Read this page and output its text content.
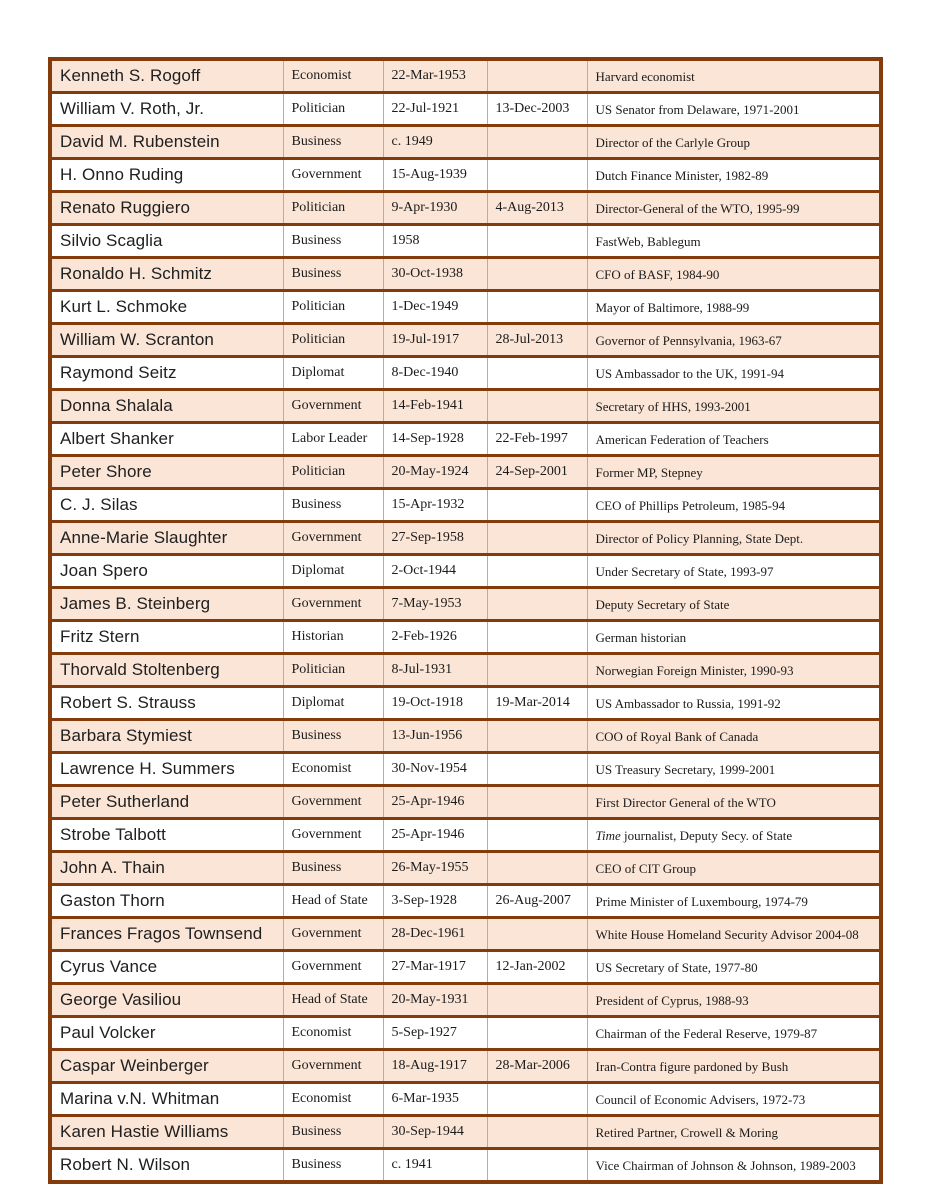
Kenneth S. Rogoff	Economist	22-Mar-1953		Harvard economist
William V. Roth, Jr.	Politician	22-Jul-1921	13-Dec-2003	US Senator from Delaware, 1971-2001
David M. Rubenstein	Business	c. 1949		Director of the Carlyle Group
H. Onno Ruding	Government	15-Aug-1939		Dutch Finance Minister, 1982-89
Renato Ruggiero	Politician	9-Apr-1930	4-Aug-2013	Director-General of the WTO, 1995-99
Silvio Scaglia	Business	1958		FastWeb, Bablegum
Ronaldo H. Schmitz	Business	30-Oct-1938		CFO of BASF, 1984-90
Kurt L. Schmoke	Politician	1-Dec-1949		Mayor of Baltimore, 1988-99
William W. Scranton	Politician	19-Jul-1917	28-Jul-2013	Governor of Pennsylvania, 1963-67
Raymond Seitz	Diplomat	8-Dec-1940		US Ambassador to the UK, 1991-94
Donna Shalala	Government	14-Feb-1941		Secretary of HHS, 1993-2001
Albert Shanker	Labor Leader	14-Sep-1928	22-Feb-1997	American Federation of Teachers
Peter Shore	Politician	20-May-1924	24-Sep-2001	Former MP, Stepney
C. J. Silas	Business	15-Apr-1932		CEO of Phillips Petroleum, 1985-94
Anne-Marie Slaughter	Government	27-Sep-1958		Director of Policy Planning, State Dept.
Joan Spero	Diplomat	2-Oct-1944		Under Secretary of State, 1993-97
James B. Steinberg	Government	7-May-1953		Deputy Secretary of State
Fritz Stern	Historian	2-Feb-1926		German historian
Thorvald Stoltenberg	Politician	8-Jul-1931		Norwegian Foreign Minister, 1990-93
Robert S. Strauss	Diplomat	19-Oct-1918	19-Mar-2014	US Ambassador to Russia, 1991-92
Barbara Stymiest	Business	13-Jun-1956		COO of Royal Bank of Canada
Lawrence H. Summers	Economist	30-Nov-1954		US Treasury Secretary, 1999-2001
Peter Sutherland	Government	25-Apr-1946		First Director General of the WTO
Strobe Talbott	Government	25-Apr-1946		Time journalist, Deputy Secy. of State
John A. Thain	Business	26-May-1955		CEO of CIT Group
Gaston Thorn	Head of State	3-Sep-1928	26-Aug-2007	Prime Minister of Luxembourg, 1974-79
Frances Fragos Townsend	Government	28-Dec-1961		White House Homeland Security Advisor 2004-08
Cyrus Vance	Government	27-Mar-1917	12-Jan-2002	US Secretary of State, 1977-80
George Vasiliou	Head of State	20-May-1931		President of Cyprus, 1988-93
Paul Volcker	Economist	5-Sep-1927		Chairman of the Federal Reserve, 1979-87
Caspar Weinberger	Government	18-Aug-1917	28-Mar-2006	Iran-Contra figure pardoned by Bush
Marina v.N. Whitman	Economist	6-Mar-1935		Council of Economic Advisers, 1972-73
Karen Hastie Williams	Business	30-Sep-1944		Retired Partner, Crowell & Moring
Robert N. Wilson	Business	c. 1941		Vice Chairman of Johnson & Johnson, 1989-2003
